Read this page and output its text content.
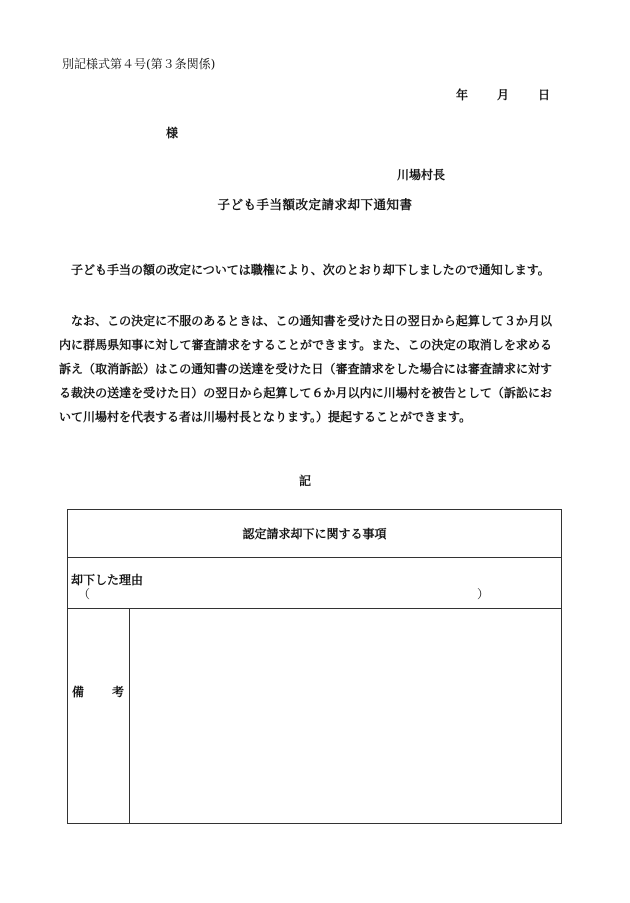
別記様式第４号(第３条関係)
年 月 日
様
川場村長
子ども手当額改定請求却下通知書
子ども手当の額の改定については職権により、次のとおり却下しましたので通知します。
なお、この決定に不服のあるときは、この通知書を受けた日の翌日から起算して３か月以内に群馬県知事に対して審査請求をすることができます。また、この決定の取消しを求める訴え（取消訴訟）はこの通知書の送達を受けた日（審査請求をした場合には審査請求に対する裁決の送達を受けた日）の翌日から起算して６か月以内に川場村を被告として（訴訟において川場村を代表する者は川場村長となります。）提起することができます。
記
認定請求却下に関する事項
却下した理由
（	）
備 考
